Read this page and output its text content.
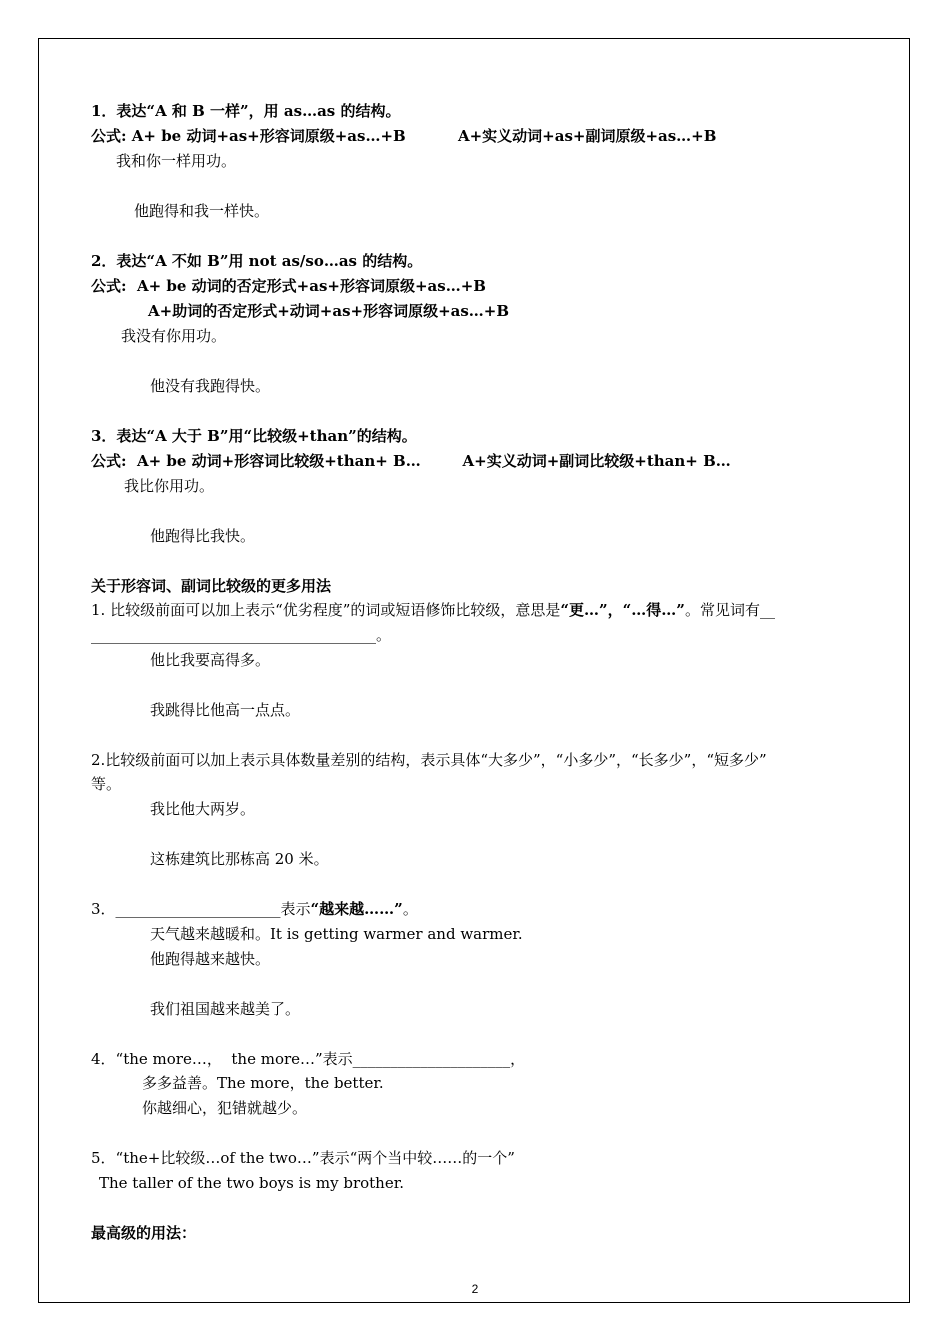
1．表达“A 和 B 一样”，用 as…as 的结构。
公式: A+ be 动词+as+形容词原级+as…+B          A+实义动词+as+副词原级+as…+B
我和你一样用功。
他跑得和我一样快。
2．表达“A 不如 B”用 not as/so…as 的结构。
公式:  A+ be 动词的否定形式+as+形容词原级+as…+B
A+助词的否定形式+动词+as+形容词原级+as…+B
我没有你用功。
他没有我跑得快。
3．表达“A 大于 B”用“比较级+than”的结构。
公式:  A+ be 动词+形容词比较级+than+ B…        A+实义动词+副词比较级+than+ B…
我比你用功。
他跑得比我快。
关于形容词、副词比较级的更多用法
1. 比较级前面可以加上表示“优劣程度”的词或短语修饰比较级，意思是“更…”，“…得…”。常见词有__
______________________________________。
他比我要高得多。
我跳得比他高一点点。
2.比较级前面可以加上表示具体数量差别的结构，表示具体“大多少”，“小多少”，“长多少”，“短多少”
等。
我比他大两岁。
这栋建筑比那栋高 20 米。
3．______________________表示“越来越……”。
天气越来越暖和。It is getting warmer and warmer.
他跑得越来越快。
我们祖国越来越美了。
4．“the more…，  the more…”表示_____________________，
多多益善。The more，the better.
你越细心，犯错就越少。
5．“the+比较级…of the two…”表示“两个当中较……的一个”
The taller of the two boys is my brother.
最高级的用法：
2
